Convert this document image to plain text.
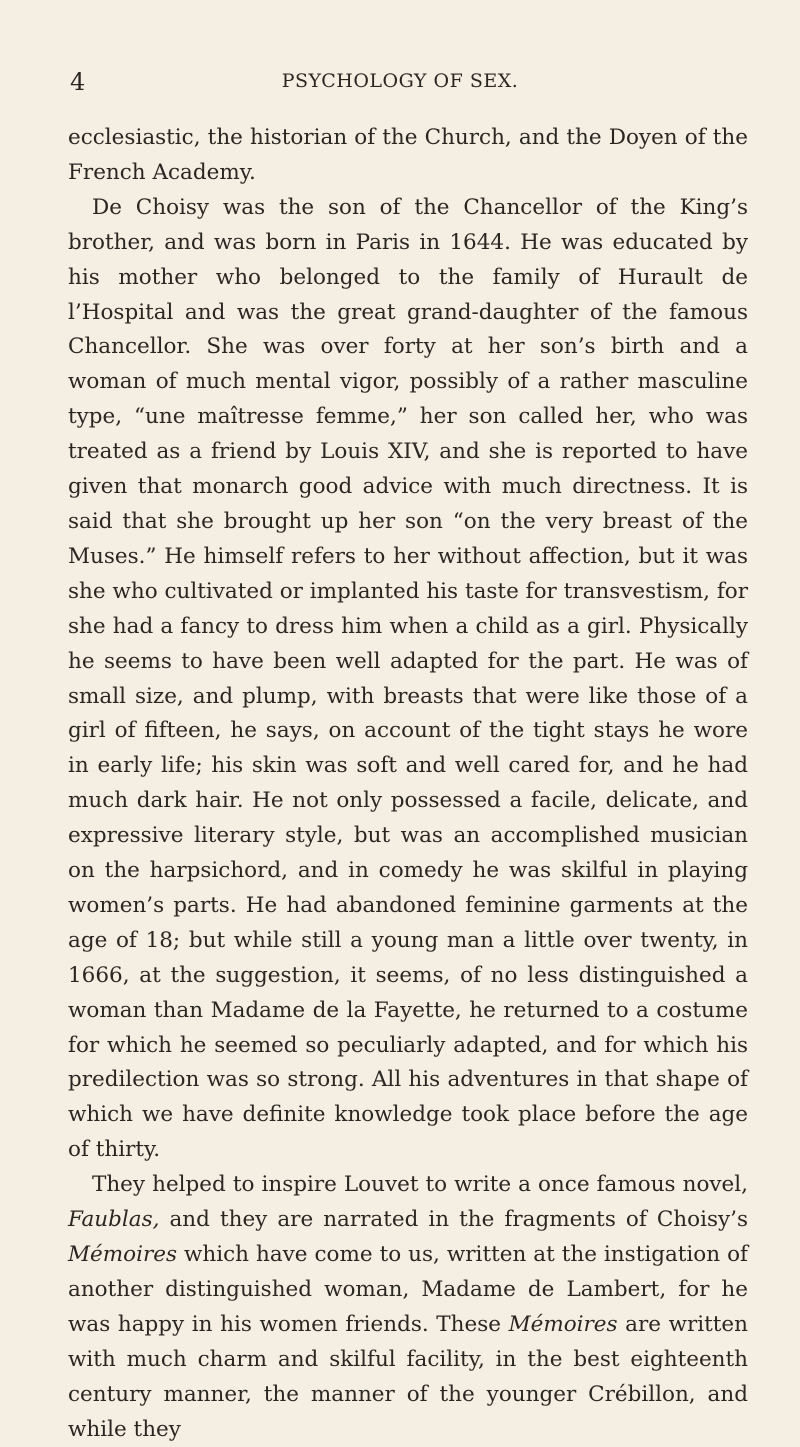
4	PSYCHOLOGY OF SEX.

ecclesiastic, the historian of the Church, and the Doyen of the French Academy.

De Choisy was the son of the Chancellor of the King’s brother, and was born in Paris in 1644. He was educated by his mother who belonged to the family of Hurault de l’Hospital and was the great grand-daughter of the famous Chancellor. She was over forty at her son’s birth and a woman of much mental vigor, possibly of a rather masculine type, “une maîtresse femme,” her son called her, who was treated as a friend by Louis XIV, and she is reported to have given that monarch good advice with much directness. It is said that she brought up her son “on the very breast of the Muses.” He himself refers to her without affection, but it was she who cultivated or implanted his taste for transvestism, for she had a fancy to dress him when a child as a girl. Physically he seems to have been well adapted for the part. He was of small size, and plump, with breasts that were like those of a girl of fifteen, he says, on account of the tight stays he wore in early life; his skin was soft and well cared for, and he had much dark hair. He not only possessed a facile, delicate, and expressive literary style, but was an accomplished musician on the harpsichord, and in comedy he was skilful in playing women’s parts. He had abandoned feminine garments at the age of 18; but while still a young man a little over twenty, in 1666, at the suggestion, it seems, of no less distinguished a woman than Madame de la Fayette, he returned to a costume for which he seemed so peculiarly adapted, and for which his predilection was so strong. All his adventures in that shape of which we have definite knowledge took place before the age of thirty.

They helped to inspire Louvet to write a once famous novel, Faublas, and they are narrated in the fragments of Choisy’s Mémoires which have come to us, written at the instigation of another distinguished woman, Madame de Lambert, for he was happy in his women friends. These Mémoires are written with much charm and skilful facility, in the best eighteenth century manner, the manner of the younger Crébillon, and while they
